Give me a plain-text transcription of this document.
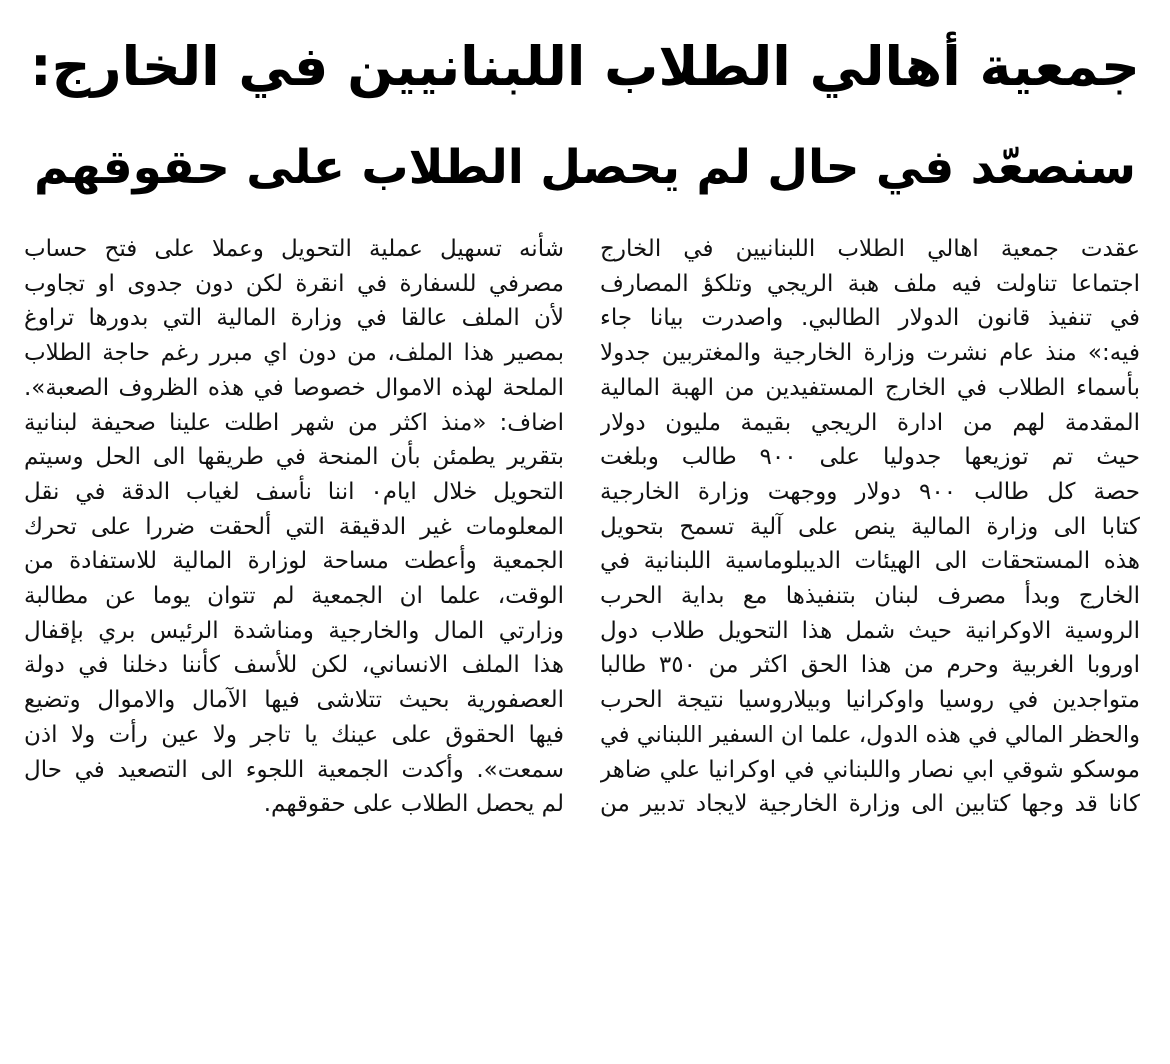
جمعية أهالي الطلاب اللبنانيين في الخارج:
سنصعّد في حال لم يحصل الطلاب على حقوقهم
عقدت جمعية اهالي الطلاب اللبنانيين في الخارج
اجتماعا تناولت فيه ملف هبة الريجي وتلكؤ المصارف
في تنفيذ قانون الدولار الطالبي. واصدرت بيانا جاء
فيه:» منذ عام نشرت وزارة الخارجية والمغتربين جدولا
بأسماء الطلاب في الخارج المستفيدين من الهبة المالية
المقدمة لهم من ادارة الريجي بقيمة مليون دولار
حيث تم توزيعها جدوليا على ٩٠٠ طالب وبلغت
حصة كل طالب ٩٠٠ دولار ووجهت وزارة الخارجية
كتابا الى وزارة المالية ينص على آلية تسمح بتحويل
هذه المستحقات الى الهيئات الديبلوماسية اللبنانية في
الخارج وبدأ مصرف لبنان بتنفيذها مع بداية الحرب
الروسية الاوكرانية حيث شمل هذا التحويل طلاب دول
اوروبا الغربية وحرم من هذا الحق اكثر من ٣٥٠ طالبا
متواجدين في روسيا واوكرانيا وبيلاروسيا نتيجة الحرب
والحظر المالي في هذه الدول، علما ان السفير اللبناني في
موسكو شوقي ابي نصار واللبناني في اوكرانيا علي ضاهر
كانا قد وجها كتابين الى وزارة الخارجية لايجاد تدبير من
شأنه تسهيل عملية التحويل وعملا على فتح حساب
مصرفي للسفارة في انقرة لكن دون جدوى او تجاوب
لأن الملف عالقا في وزارة المالية التي بدورها تراوغ
بمصير هذا الملف، من دون اي مبرر رغم حاجة الطلاب
الملحة لهذه الاموال خصوصا في هذه الظروف الصعبة».
اضاف: «منذ اكثر من شهر اطلت علينا صحيفة لبنانية
بتقرير يطمئن بأن المنحة في طريقها الى الحل وسيتم
التحويل خلال ايام٠ اننا نأسف لغياب الدقة في نقل
المعلومات غير الدقيقة التي ألحقت ضررا على تحرك
الجمعية وأعطت مساحة لوزارة المالية للاستفادة من
الوقت، علما ان الجمعية لم تتوان يوما عن مطالبة
وزارتي المال والخارجية ومناشدة الرئيس بري بإقفال
هذا الملف الانساني، لكن للأسف كأننا دخلنا في دولة
العصفورية بحيث تتلاشى فيها الآمال والاموال وتضيع
فيها الحقوق على عينك يا تاجر ولا عين رأت ولا اذن
سمعت». وأكدت الجمعية اللجوء الى التصعيد في حال
لم يحصل الطلاب على حقوقهم.
